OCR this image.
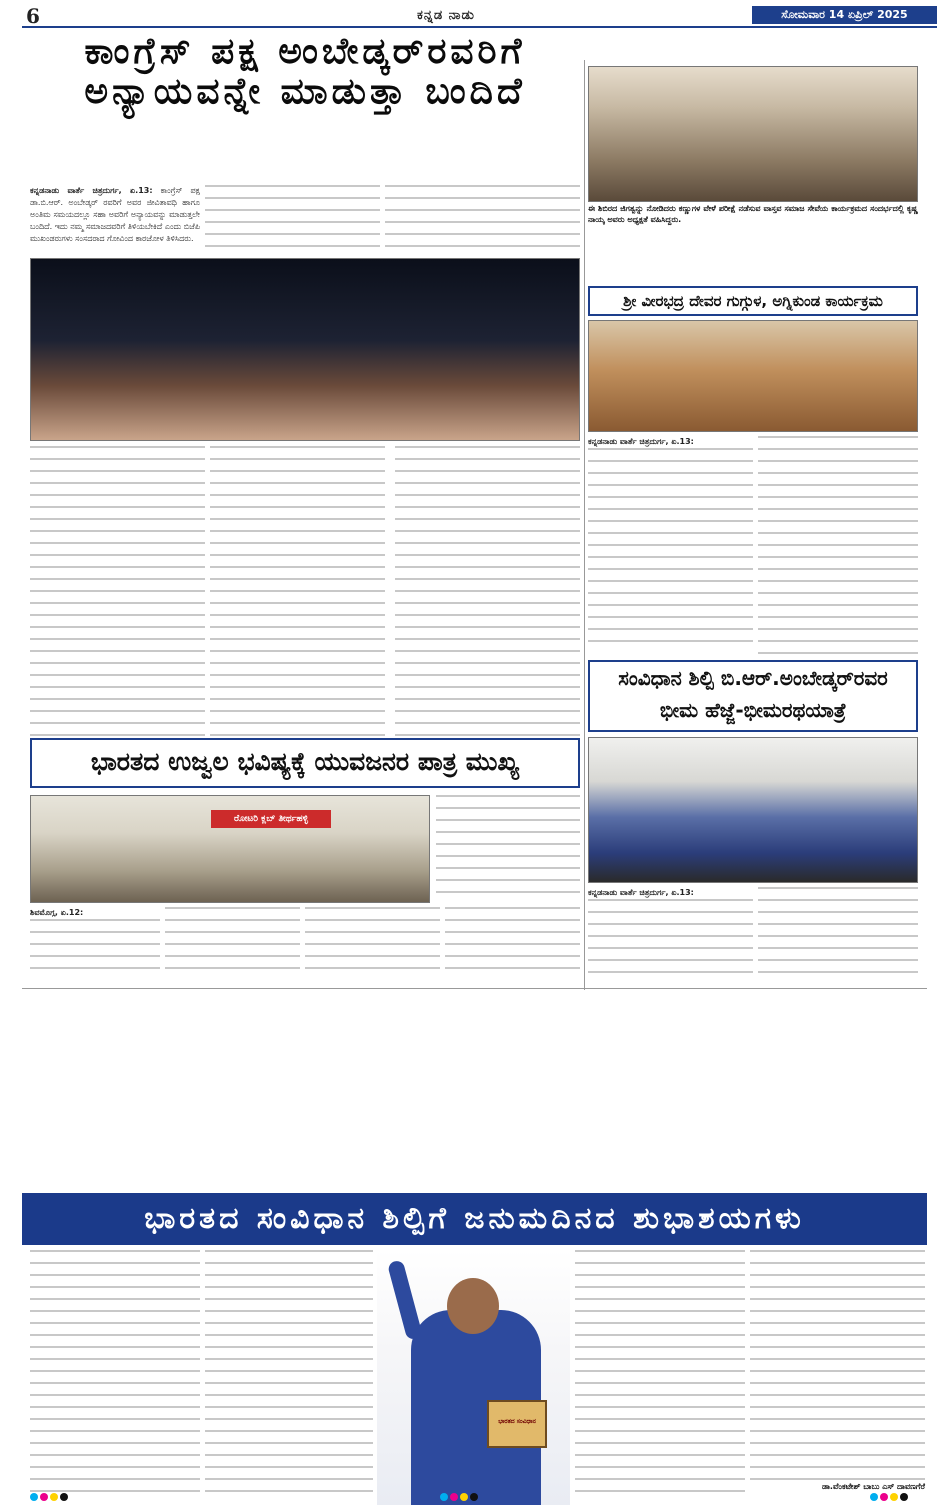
6	ಕನ್ನಡ ನಾಡು	ಸೋಮವಾರ 14 ಏಪ್ರಿಲ್ 2025
ಕಾಂಗ್ರೆಸ್ ಪಕ್ಷ ಅಂಬೇಡ್ಕರ್‌ರವರಿಗೆ ಅನ್ಯಾಯವನ್ನೇ ಮಾಡುತ್ತಾ ಬಂದಿದೆ
ಕನ್ನಡನಾಡು ವಾರ್ತೆ ಚಿತ್ರದುರ್ಗ, ಏ.13: ಕಾಂಗ್ರೆಸ್ ಪಕ್ಷ ಡಾ.ಬಿ.ಆರ್. ಅಂಬೇಡ್ಕರ್ ರವರಿಗೆ ಅವರ ಜೀವಿತಾವಧಿ ಹಾಗೂ ಅಂತಿಮ ಸಮಯದಲ್ಲೂ ಸಹಾ ಅವರಿಗೆ ಅನ್ಯಾಯವನ್ನು ಮಾಡುತ್ತಲೇ ಬಂದಿದೆ. ಇದು ನಮ್ಮ ಸಮಾಜದವರಿಗೆ ತಿಳಿಯಬೇಕಿದೆ ಎಂದು ಬಿಜೆಪಿ ಮುಖಂಡರುಗಳು ಸಂಸದರಾದ ಗೋವಿಂದ ಕಾರಜೋಳ ತಿಳಿಸಿದರು.
ಈ ಶಿಬಿರದ ಜಿಗತ್ವನ್ನು ನೋಡಿದರು ಕಣ್ಣುಗಳ ವೇಳೆ ಪರೀಕ್ಷೆ ನಡೆಸುವ ವಾಸ್ತವ ಸಮಾಜ ಸೇವೆಯ ಕಾರ್ಯಕ್ರಮದ ಸಂದರ್ಭದಲ್ಲಿ ಕೃಷ್ಣ ನಾಯ್ಕ ಅವರು ಅಧ್ಯಕ್ಷತೆ ವಹಿಸಿದ್ದರು.
ಶ್ರೀ ವೀರಭದ್ರ ದೇವರ ಗುಗ್ಗುಳ, ಅಗ್ನಿಕುಂಡ ಕಾರ್ಯಕ್ರಮ
ಕನ್ನಡನಾಡು ವಾರ್ತೆ ಚಿತ್ರದುರ್ಗ, ಏ.13:
ಸಂವಿಧಾನ ಶಿಲ್ಪಿ ಬಿ.ಆರ್.ಅಂಬೇಡ್ಕರ್‌ರವರ
ಭೀಮ ಹೆಜ್ಜೆ-ಭೀಮರಥಯಾತ್ರೆ
ಭಾರತದ ಉಜ್ವಲ ಭವಿಷ್ಯಕ್ಕೆ ಯುವಜನರ ಪಾತ್ರ ಮುಖ್ಯ
ರೋಟರಿ ಕ್ಲಬ್ ತೀರ್ಥಹಳ್ಳಿ
ಶಿವಮೊಗ್ಗ, ಏ.12:
ಕನ್ನಡನಾಡು ವಾರ್ತೆ ಚಿತ್ರದುರ್ಗ, ಏ.13:
ಭಾರತದ ಸಂವಿಧಾನ ಶಿಲ್ಪಿಗೆ ಜನುಮದಿನದ ಶುಭಾಶಯಗಳು
ಭಾರತದ ಸಂವಿಧಾನ
ಡಾ.ವೆಂಕಟೇಶ್ ಬಾಬು ಎಸ್ ದಾವಣಗೆರೆ
